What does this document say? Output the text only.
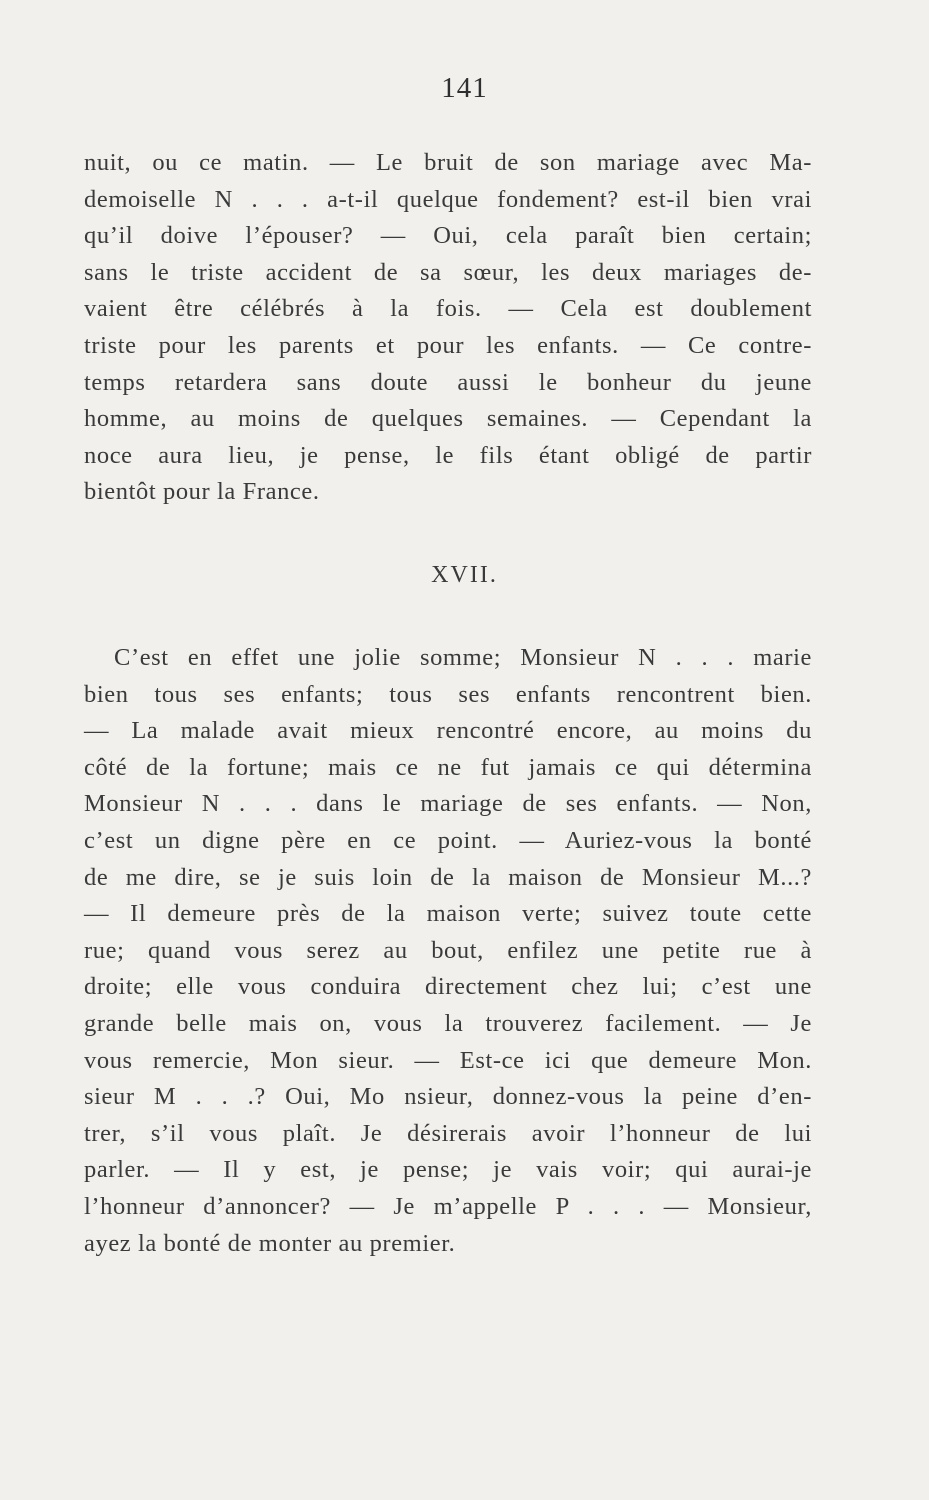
141
nuit, ou ce matin. — Le bruit de son mariage avec Ma-
demoiselle N . . . a-t-il quelque fondement? est-il bien vrai
qu’il doive l’épouser? — Oui, cela paraît bien certain;
sans le triste accident de sa sœur, les deux mariages de-
vaient être célébrés à la fois. — Cela est doublement
triste pour les parents et pour les enfants. — Ce contre-
temps retardera sans doute aussi le bonheur du jeune
homme, au moins de quelques semaines. — Cependant la
noce aura lieu, je pense, le fils étant obligé de partir
bientôt pour la France.
XVII.
C’est en effet une jolie somme; Monsieur N . . . marie
bien tous ses enfants; tous ses enfants rencontrent bien.
— La malade avait mieux rencontré encore, au moins du
côté de la fortune; mais ce ne fut jamais ce qui détermina
Monsieur N . . . dans le mariage de ses enfants. — Non,
c’est un digne père en ce point. — Auriez-vous la bonté
de me dire, se je suis loin de la maison de Monsieur M...?
— Il demeure près de la maison verte; suivez toute cette
rue; quand vous serez au bout, enfilez une petite rue à
droite; elle vous conduira directement chez lui; c’est une
grande belle mais on, vous la trouverez facilement. — Je
vous remercie, Mon sieur. — Est-ce ici que demeure Mon.
sieur M . . .? Oui, Mo nsieur, donnez-vous la peine d’en-
trer, s’il vous plaît. Je désirerais avoir l’honneur de lui
parler. — Il y est, je pense; je vais voir; qui aurai-je
l’honneur d’annoncer? — Je m’appelle P . . . — Monsieur,
ayez la bonté de monter au premier.
